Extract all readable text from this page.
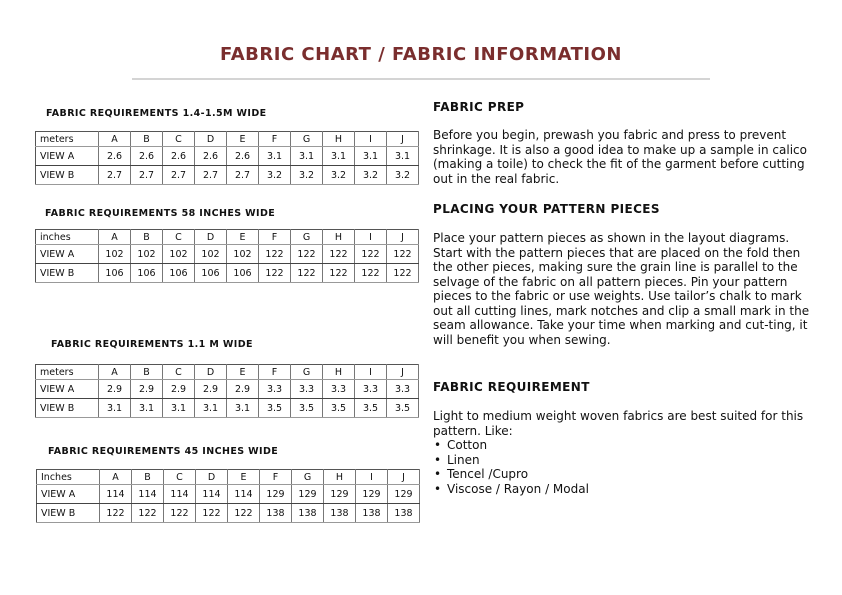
FABRIC CHART / FABRIC INFORMATION
FABRIC REQUIREMENTS 1.4-1.5M WIDE
meters	A	B	C	D	E	F	G	H	I	J
VIEW A	2.6	2.6	2.6	2.6	2.6	3.1	3.1	3.1	3.1	3.1
VIEW B	2.7	2.7	2.7	2.7	2.7	3.2	3.2	3.2	3.2	3.2
FABRIC REQUIREMENTS 58 INCHES WIDE
inches	A	B	C	D	E	F	G	H	I	J
VIEW A	102	102	102	102	102	122	122	122	122	122
VIEW B	106	106	106	106	106	122	122	122	122	122
FABRIC REQUIREMENTS 1.1 M WIDE
meters	A	B	C	D	E	F	G	H	I	J
VIEW A	2.9	2.9	2.9	2.9	2.9	3.3	3.3	3.3	3.3	3.3
VIEW B	3.1	3.1	3.1	3.1	3.1	3.5	3.5	3.5	3.5	3.5
FABRIC REQUIREMENTS 45 INCHES WIDE
Inches	A	B	C	D	E	F	G	H	I	J
VIEW A	114	114	114	114	114	129	129	129	129	129
VIEW B	122	122	122	122	122	138	138	138	138	138
FABRIC PREP

Before you begin, prewash you fabric and press to prevent shrinkage. It is also a good idea to make up a sample in calico (making a toile) to check the fit of the garment before cutting out in the real fabric.

PLACING YOUR PATTERN PIECES

Place your pattern pieces as shown in the layout diagrams. Start with the pattern pieces that are placed on the fold then the other pieces, making sure the grain line is parallel to the selvage of the fabric on all pattern pieces. Pin your pattern pieces to the fabric or use weights. Use tailor’s chalk to mark out all cutting lines, mark notches and clip a small mark in the seam allowance. Take your time when marking and cut-ting, it will benefit you when sewing.

FABRIC REQUIREMENT

Light to medium weight woven fabrics are best suited for this pattern. Like:

• Cotton
• Linen
• Tencel /Cupro
• Viscose / Rayon / Modal
